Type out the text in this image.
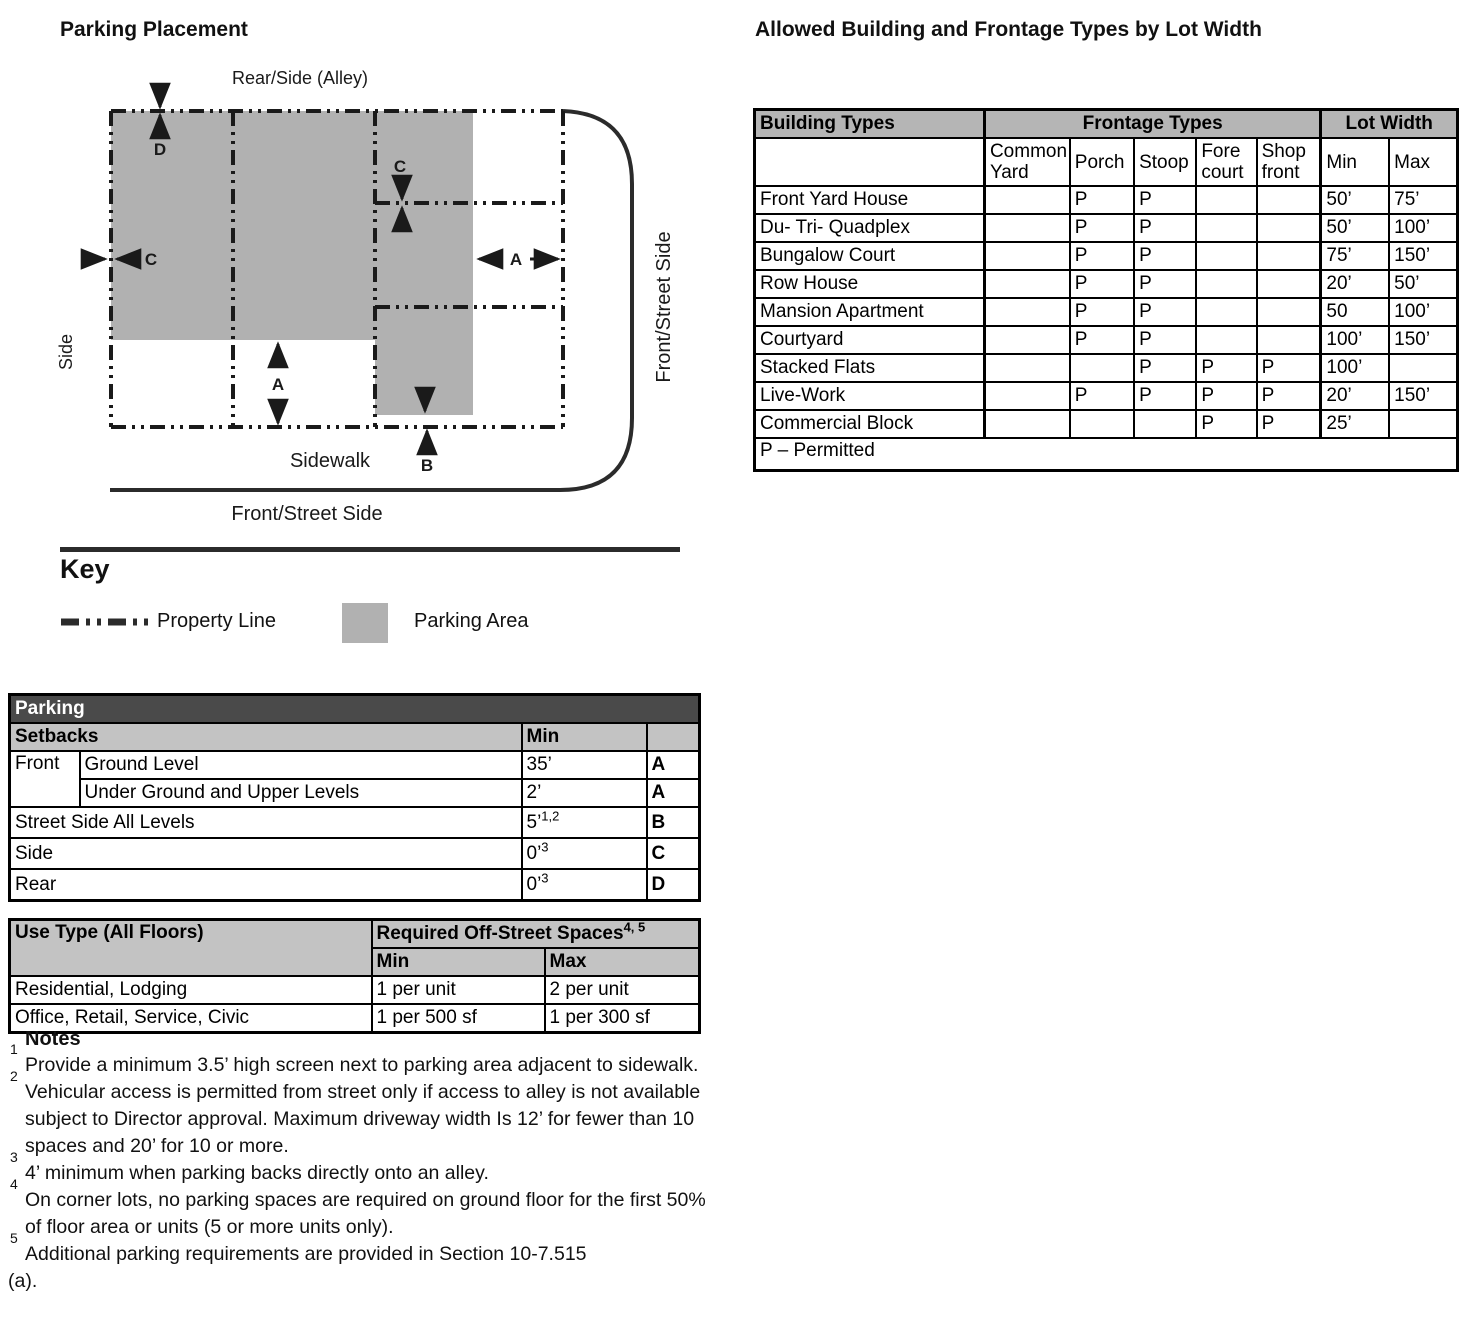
Parking Placement
Rear/Side (Alley)
D
C
C
A
A
B
Sidewalk
Front/Street Side
Side	Front/Street Side
Key
Property Line	Parking Area
Parking			
Setbacks		Min	
Front	Ground Level	35’	A
	Under Ground and Upper Levels	2’	A
Street Side All Levels		5’$^{1,2}$	B
Side		0’$^3$	C
Rear		0’$^3$	D
Use Type (All Floors)	Required Off-Street Spaces$^{4, 5}$
	Min	Max
Residential, Lodging	1 per unit	2 per unit
Office, Retail, Service, Civic	1 per 500 sf	1 per 300 sf
Notes
1
Provide a minimum 3.5’ high screen next to parking area adjacent to sidewalk.
2
Vehicular access is permitted from street only if access to alley is not available subject to Director approval. Maximum driveway width Is 12’ for fewer than 10 spaces and 20’ for 10 or more.
3
4’ minimum when parking backs directly onto an alley.
4
On corner lots, no parking spaces are required on ground floor for the first 50% of floor area or units (5 or more units only).
5
Additional parking requirements are provided in Section 10-7.515
(a).
Allowed Building and Frontage Types by Lot Width
Building Types	Frontage Types					Lot Width	
	Common Yard	Porch	Stoop	Fore court	Shop front	Min	Max
Front Yard House		P	P			50’	75’
Du- Tri- Quadplex		P	P			50’	100’
Bungalow Court		P	P			75’	150’
Row House		P	P			20’	50’
Mansion Apartment		P	P			50	100’
Courtyard		P	P			100’	150’
Stacked Flats			P	P	P	100’	
Live-Work		P	P	P	P	20’	150’
Commercial Block				P	P	25’	
P – Permitted							
